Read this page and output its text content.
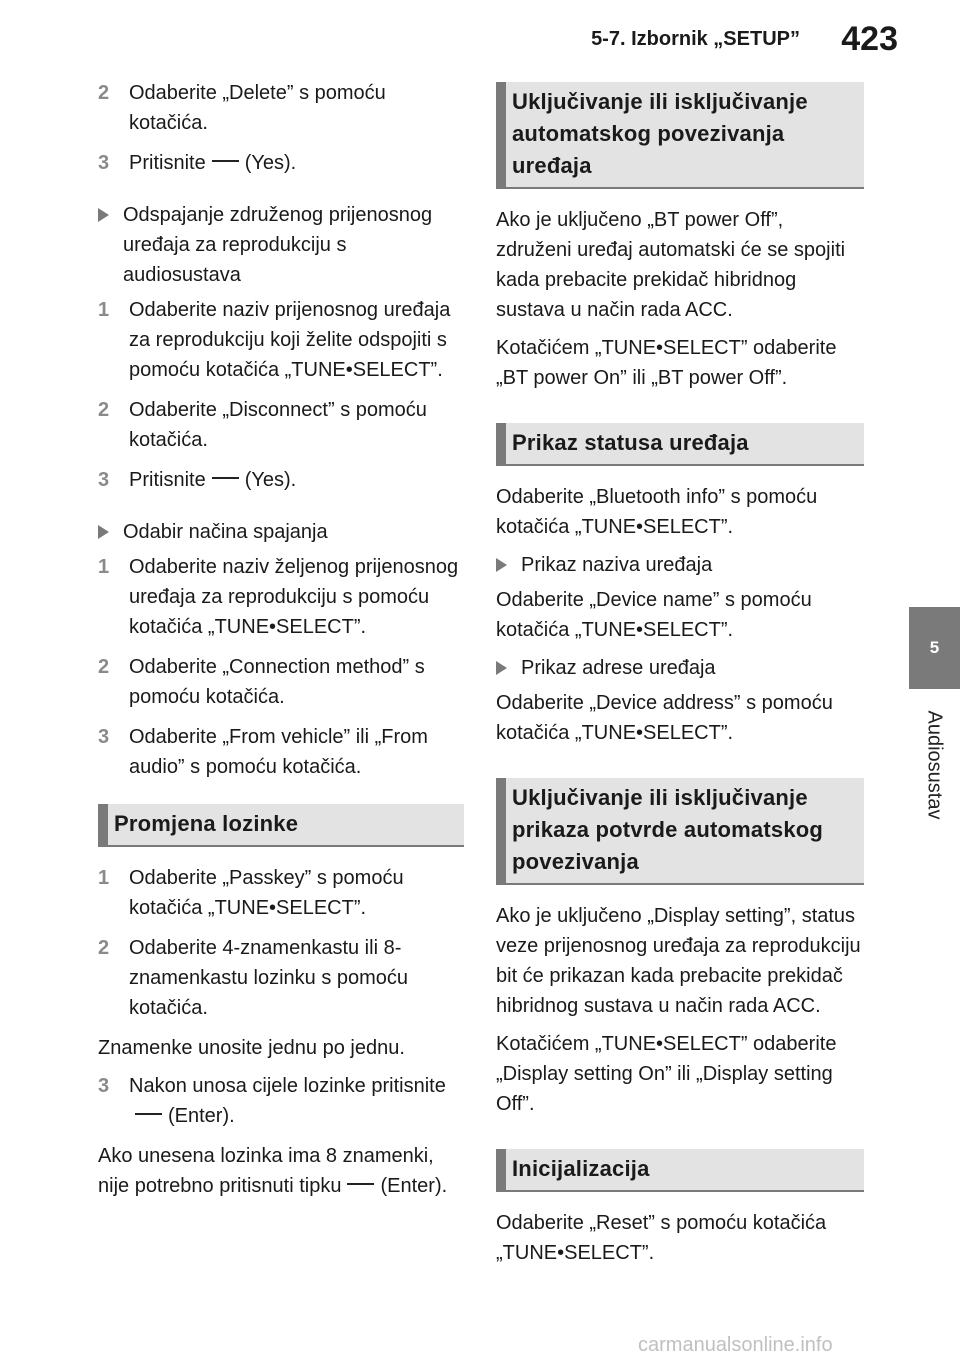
5-7. Izbornik „SETUP”	423
5
Audiosustav
2 Odaberite „Delete” s pomoću kotačića.
3 Pritisnite (Yes).
Odspajanje združenog prijenosnog uređaja za reprodukciju s audiosustava
1 Odaberite naziv prijenosnog uređaja za reprodukciju koji želite odspojiti s pomoću kotačića „TUNE•SELECT”.
2 Odaberite „Disconnect” s pomoću kotačića.
3 Pritisnite (Yes).
Odabir načina spajanja
1 Odaberite naziv željenog prijenosnog uređaja za reprodukciju s pomoću kotačića „TUNE•SELECT”.
2 Odaberite „Connection method” s pomoću kotačića.
3 Odaberite „From vehicle” ili „From audio” s pomoću kotačića.
Promjena lozinke
1 Odaberite „Passkey” s pomoću kotačića „TUNE•SELECT”.
2 Odaberite 4-znamenkastu ili 8-znamenkastu lozinku s pomoću kotačića.
Znamenke unosite jednu po jednu.
3 Nakon unosa cijele lozinke pritisnite(Enter).
Ako unesena lozinka ima 8 znamenki, nije potrebno pritisnuti tipku (Enter).
Uključivanje ili isključivanje automatskog povezivanja uređaja
Ako je uključeno „BT power Off”, združeni uređaj automatski će se spojiti kada prebacite prekidač hibridnog sustava u način rada ACC.
Kotačićem „TUNE•SELECT” odaberite „BT power On” ili „BT power Off”.
Prikaz statusa uređaja
Odaberite „Bluetooth info” s pomoću kotačića „TUNE•SELECT”.
Prikaz naziva uređaja
Odaberite „Device name” s pomoću kotačića „TUNE•SELECT”.
Prikaz adrese uređaja
Odaberite „Device address” s pomoću kotačića „TUNE•SELECT”.
Uključivanje ili isključivanje prikaza potvrde automatskog povezivanja
Ako je uključeno „Display setting”, status veze prijenosnog uređaja za reprodukciju bit će prikazan kada prebacite prekidač hibridnog sustava u način rada ACC.
Kotačićem „TUNE•SELECT” odaberite „Display setting On” ili „Display setting Off”.
Inicijalizacija
Odaberite „Reset” s pomoću kotačića „TUNE•SELECT”.
carmanualsonline.info
